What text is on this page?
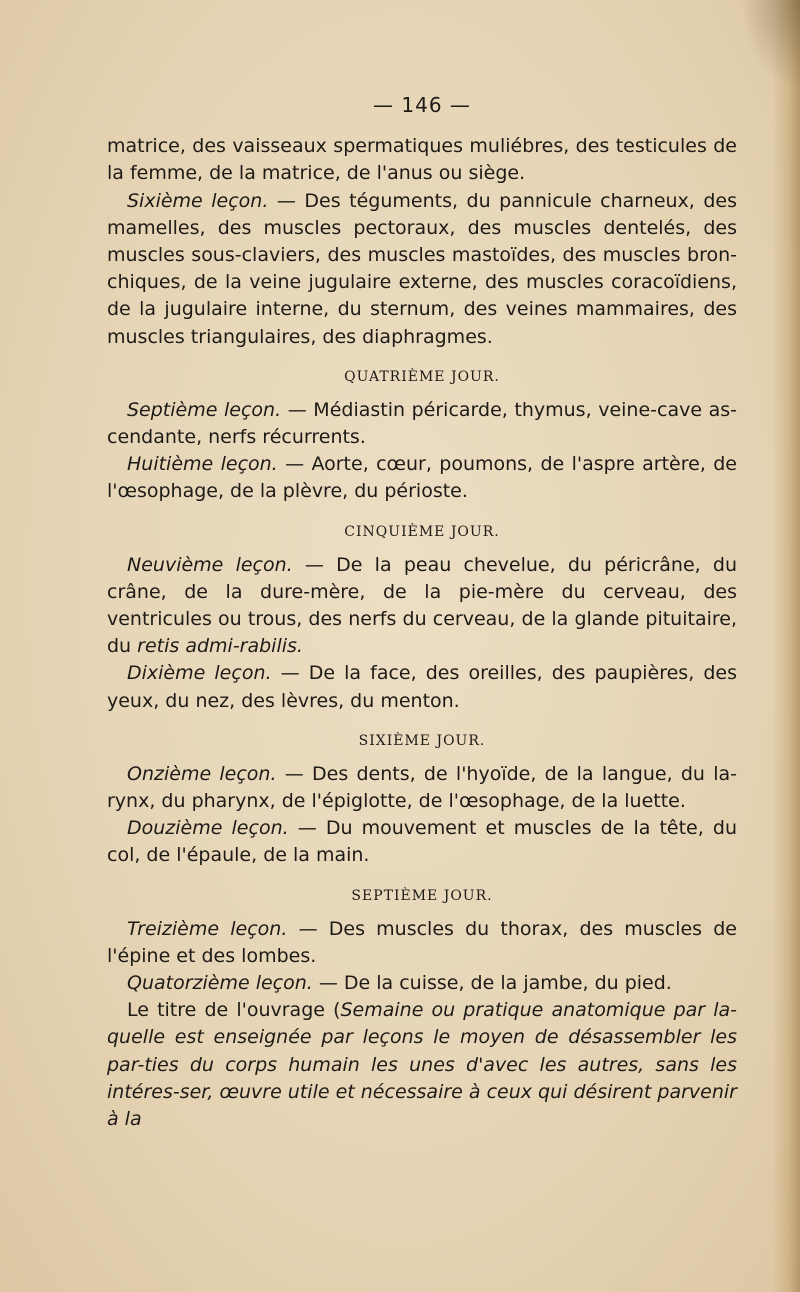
— 146 —

matrice, des vaisseaux spermatiques muliébres, des testicules de la femme, de la matrice, de l'anus ou siège.

Sixième leçon. — Des téguments, du pannicule charneux, des mamelles, des muscles pectoraux, des muscles dentelés, des muscles sous-claviers, des muscles mastoïdes, des muscles bron-chiques, de la veine jugulaire externe, des muscles coracoïdiens, de la jugulaire interne, du sternum, des veines mammaires, des muscles triangulaires, des diaphragmes.

QUATRIÈME JOUR.

Septième leçon. — Médiastin péricarde, thymus, veine-cave as-cendante, nerfs récurrents.

Huitième leçon. — Aorte, cœur, poumons, de l'aspre artère, de l'œsophage, de la plèvre, du périoste.

CINQUIÈME JOUR.

Neuvième leçon. — De la peau chevelue, du péricrâne, du crâne, de la dure-mère, de la pie-mère du cerveau, des ventricules ou trous, des nerfs du cerveau, de la glande pituitaire, du retis admi-rabilis.

Dixième leçon. — De la face, des oreilles, des paupières, des yeux, du nez, des lèvres, du menton.

SIXIÈME JOUR.

Onzième leçon. — Des dents, de l'hyoïde, de la langue, du la-rynx, du pharynx, de l'épiglotte, de l'œsophage, de la luette.

Douzième leçon. — Du mouvement et muscles de la tête, du col, de l'épaule, de la main.

SEPTIÈME JOUR.

Treizième leçon. — Des muscles du thorax, des muscles de l'épine et des lombes.

Quatorzième leçon. — De la cuisse, de la jambe, du pied.

Le titre de l'ouvrage (Semaine ou pratique anatomique par la-quelle est enseignée par leçons le moyen de désassembler les par-ties du corps humain les unes d'avec les autres, sans les intéres-ser, œuvre utile et nécessaire à ceux qui désirent parvenir à la
